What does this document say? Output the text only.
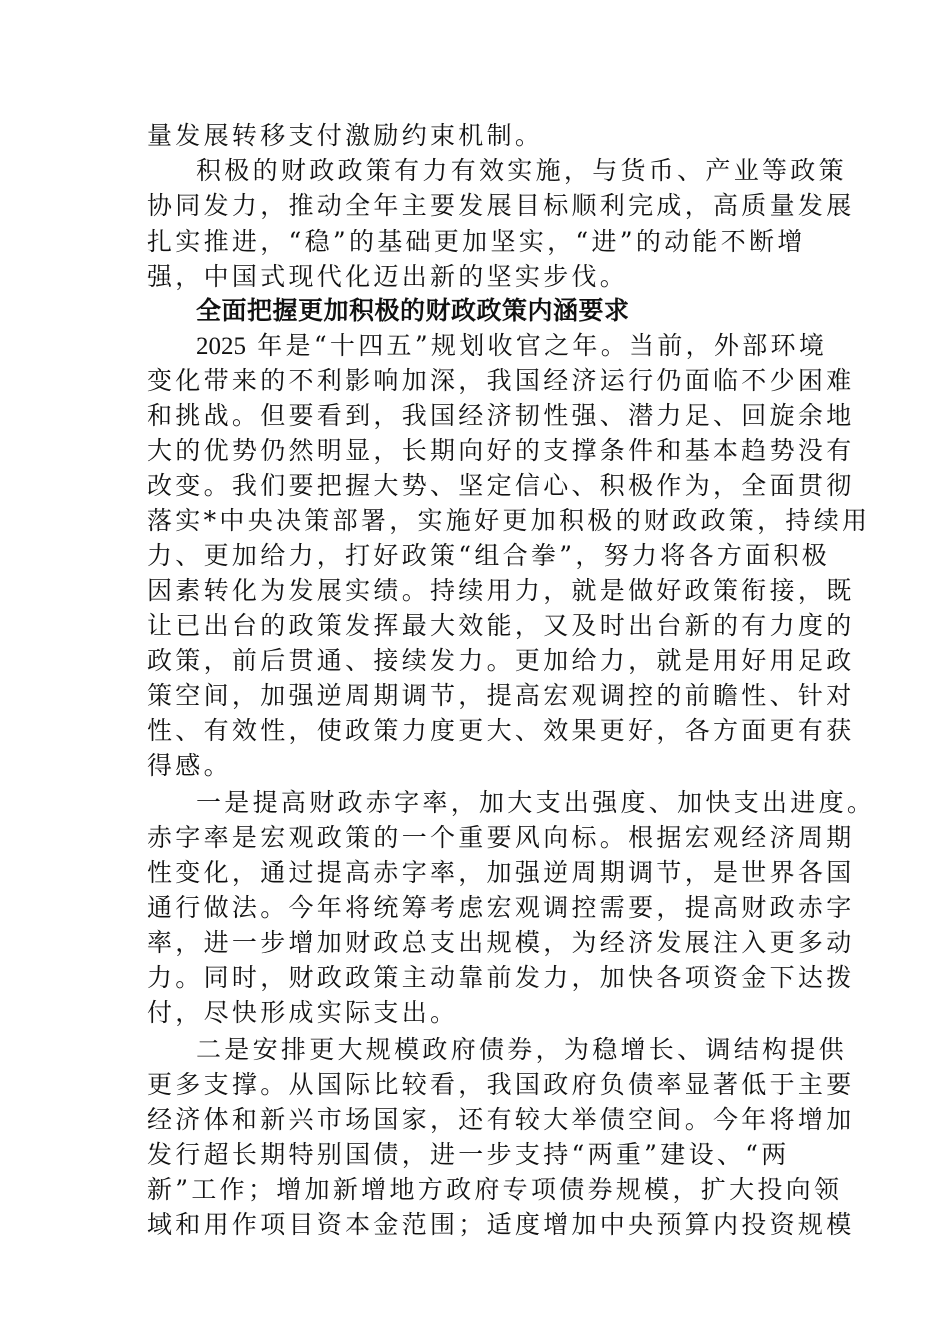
量发展转移支付激励约束机制。
积极的财政政策有力有效实施，与货币、产业等政策
协同发力，推动全年主要发展目标顺利完成，高质量发展
扎实推进，“稳”的基础更加坚实，“进”的动能不断增
强，中国式现代化迈出新的坚实步伐。
全面把握更加积极的财政政策内涵要求
2025 年是“十四五”规划收官之年。当前，外部环境
变化带来的不利影响加深，我国经济运行仍面临不少困难
和挑战。但要看到，我国经济韧性强、潜力足、回旋余地
大的优势仍然明显，长期向好的支撑条件和基本趋势没有
改变。我们要把握大势、坚定信心、积极作为，全面贯彻
落实*中央决策部署，实施好更加积极的财政政策，持续用
力、更加给力，打好政策“组合拳”，努力将各方面积极
因素转化为发展实绩。持续用力，就是做好政策衔接，既
让已出台的政策发挥最大效能，又及时出台新的有力度的
政策，前后贯通、接续发力。更加给力，就是用好用足政
策空间，加强逆周期调节，提高宏观调控的前瞻性、针对
性、有效性，使政策力度更大、效果更好，各方面更有获
得感。
一是提高财政赤字率，加大支出强度、加快支出进度。
赤字率是宏观政策的一个重要风向标。根据宏观经济周期
性变化，通过提高赤字率，加强逆周期调节，是世界各国
通行做法。今年将统筹考虑宏观调控需要，提高财政赤字
率，进一步增加财政总支出规模，为经济发展注入更多动
力。同时，财政政策主动靠前发力，加快各项资金下达拨
付，尽快形成实际支出。
二是安排更大规模政府债券，为稳增长、调结构提供
更多支撑。从国际比较看，我国政府负债率显著低于主要
经济体和新兴市场国家，还有较大举债空间。今年将增加
发行超长期特别国债，进一步支持“两重”建设、“两
新”工作；增加新增地方政府专项债券规模，扩大投向领
域和用作项目资本金范围；适度增加中央预算内投资规模
